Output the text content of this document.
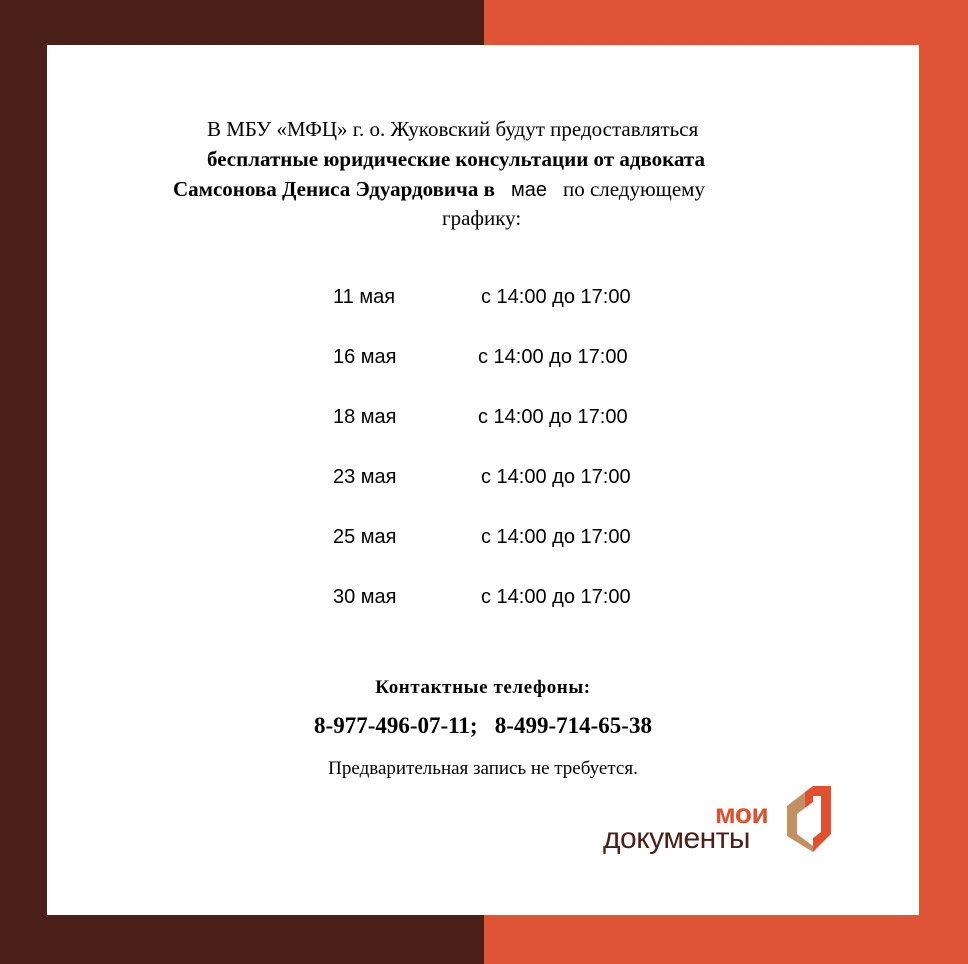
В МБУ «МФЦ» г. о. Жуковский будут предоставляться
бесплатные юридические консультации от адвоката
Самсонова Дениса Эдуардовича в мае по следующему
графику:
11 мая	с 14:00 до 17:00
16 мая	с 14:00 до 17:00
18 мая	с 14:00 до 17:00
23 мая	с 14:00 до 17:00
25 мая	с 14:00 до 17:00
30 мая	с 14:00 до 17:00
Контактные телефоны:
8-977-496-07-11;   8-499-714-65-38
Предварительная запись не требуется.
мои
документы
